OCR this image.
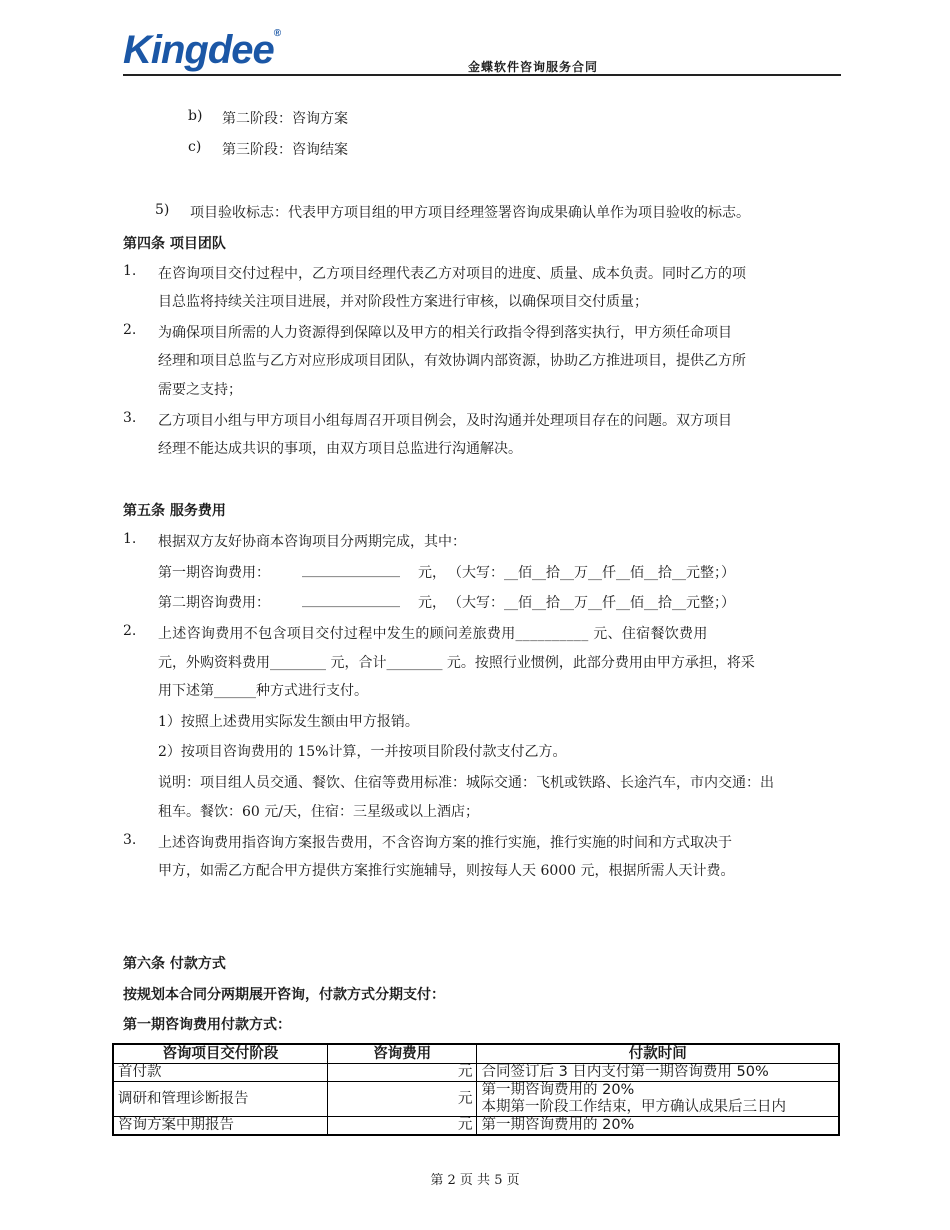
Kingdee®
金蝶软件咨询服务合同
b) 第二阶段：咨询方案
c) 第三阶段：咨询结案
5) 项目验收标志：代表甲方项目组的甲方项目经理签署咨询成果确认单作为项目验收的标志。
第四条 项目团队
1. 在咨询项目交付过程中，乙方项目经理代表乙方对项目的进度、质量、成本负责。同时乙方的项
目总监将持续关注项目进展，并对阶段性方案进行审核，以确保项目交付质量；
2. 为确保项目所需的人力资源得到保障以及甲方的相关行政指令得到落实执行，甲方须任命项目
经理和项目总监与乙方对应形成项目团队，有效协调内部资源，协助乙方推进项目，提供乙方所
需要之支持；
3. 乙方项目小组与甲方项目小组每周召开项目例会，及时沟通并处理项目存在的问题。双方项目
经理不能达成共识的事项，由双方项目总监进行沟通解决。
第五条 服务费用
1. 根据双方友好协商本咨询项目分两期完成，其中：
第一期咨询费用： ______________ 元， （大写：__佰__拾__万__仟__佰__拾__元整；）
第二期咨询费用： ______________ 元， （大写：__佰__拾__万__仟__佰__拾__元整；）
2. 上述咨询费用不包含项目交付过程中发生的顾问差旅费用__________ 元、住宿餐饮费用
元，外购资料费用________ 元，合计________ 元。按照行业惯例，此部分费用由甲方承担，将采
用下述第______种方式进行支付。
1）按照上述费用实际发生额由甲方报销。
2）按项目咨询费用的 15%计算，一并按项目阶段付款支付乙方。
说明：项目组人员交通、餐饮、住宿等费用标准：城际交通：飞机或铁路、长途汽车，市内交通：出
租车。餐饮：60 元/天，住宿：三星级或以上酒店；
3. 上述咨询费用指咨询方案报告费用，不含咨询方案的推行实施，推行实施的时间和方式取决于
甲方，如需乙方配合甲方提供方案推行实施辅导，则按每人天 6000 元，根据所需人天计费。
第六条 付款方式
按规划本合同分两期展开咨询，付款方式分期支付：
第一期咨询费用付款方式：
咨询项目交付阶段	咨询费用	付款时间
首付款	元	合同签订后 3 日内支付第一期咨询费用 50%
调研和管理诊断报告	元	第一期咨询费用的 20%
本期第一阶段工作结束，甲方确认成果后三日内

咨询方案中期报告	元	第一期咨询费用的 20%
第 2 页 共 5 页
